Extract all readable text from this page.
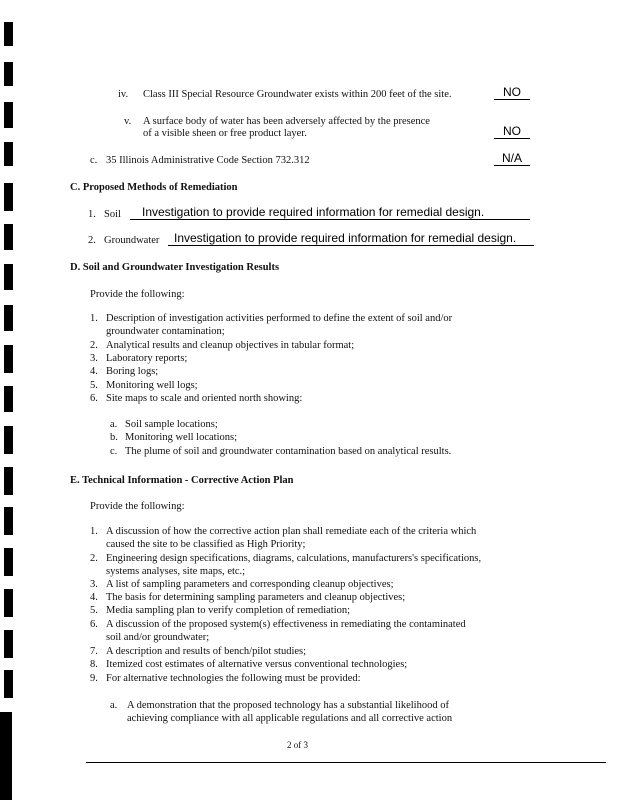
iv. Class III Special Resource Groundwater exists within 200 feet of the site.	NO
v. A surface body of water has been adversely affected by the presence
of a visible sheen or free product layer.	NO
c. 35 Illinois Administrative Code Section 732.312	N/A
C. Proposed Methods of Remediation
1. Soil	Investigation to provide required information for remedial design.
2. Groundwater	Investigation to provide required information for remedial design.
D. Soil and Groundwater Investigation Results
Provide the following:
1. Description of investigation activities performed to define the extent of soil and/or
groundwater contamination;
2. Analytical results and cleanup objectives in tabular format;
3. Laboratory reports;
4. Boring logs;
5. Monitoring well logs;
6. Site maps to scale and oriented north showing:
a. Soil sample locations;
b. Monitoring well locations;
c. The plume of soil and groundwater contamination based on analytical results.
E. Technical Information - Corrective Action Plan
Provide the following:
1. A discussion of how the corrective action plan shall remediate each of the criteria which
caused the site to be classified as High Priority;
2. Engineering design specifications, diagrams, calculations, manufacturers's specifications,
systems analyses, site maps, etc.;
3. A list of sampling parameters and corresponding cleanup objectives;
4. The basis for determining sampling parameters and cleanup objectives;
5. Media sampling plan to verify completion of remediation;
6. A discussion of the proposed system(s) effectiveness in remediating the contaminated
soil and/or groundwater;
7. A description and results of bench/pilot studies;
8. Itemized cost estimates of alternative versus conventional technologies;
9. For alternative technologies the following must be provided:
a. A demonstration that the proposed technology has a substantial likelihood of
achieving compliance with all applicable regulations and all corrective action
2 of 3
